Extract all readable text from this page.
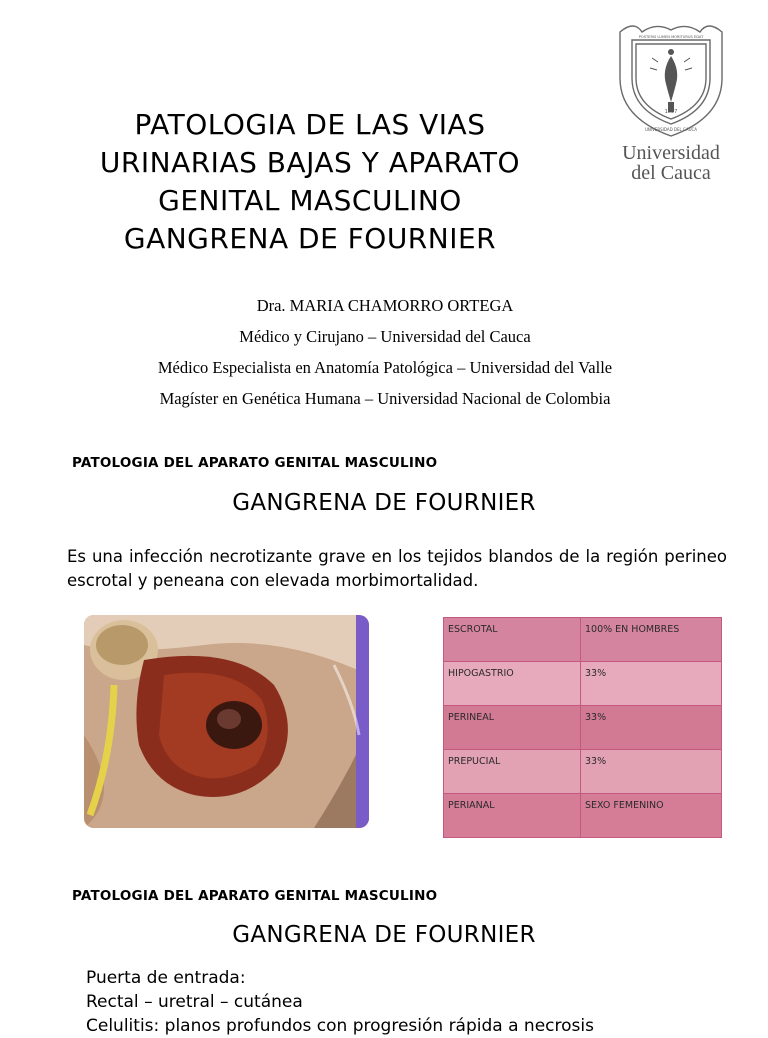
PATOLOGIA DE LAS VIAS
URINARIAS BAJAS Y APARATO
GENITAL MASCULINO
GANGRENA DE FOURNIER
1827
UNIVERSIDAD DEL CAUCA
POSTERIS LUMEN MORITURUS EDAT
Universidad
del Cauca
Dra. MARIA CHAMORRO ORTEGA
Médico y Cirujano – Universidad del Cauca
Médico Especialista en Anatomía Patológica – Universidad del Valle
Magíster en Genética Humana – Universidad Nacional de Colombia
PATOLOGIA DEL APARATO GENITAL MASCULINO
GANGRENA DE FOURNIER
Es una infección necrotizante grave en los tejidos blandos de la región perineo escrotal y peneana con elevada morbimortalidad.
ESCROTAL	100% EN HOMBRES
HIPOGASTRIO	33%
PERINEAL	33%
PREPUCIAL	33%
PERIANAL	SEXO FEMENINO
PATOLOGIA DEL APARATO GENITAL MASCULINO
GANGRENA DE FOURNIER
Puerta de entrada:
Rectal – uretral – cutánea
Celulitis: planos profundos con progresión rápida a necrosis
